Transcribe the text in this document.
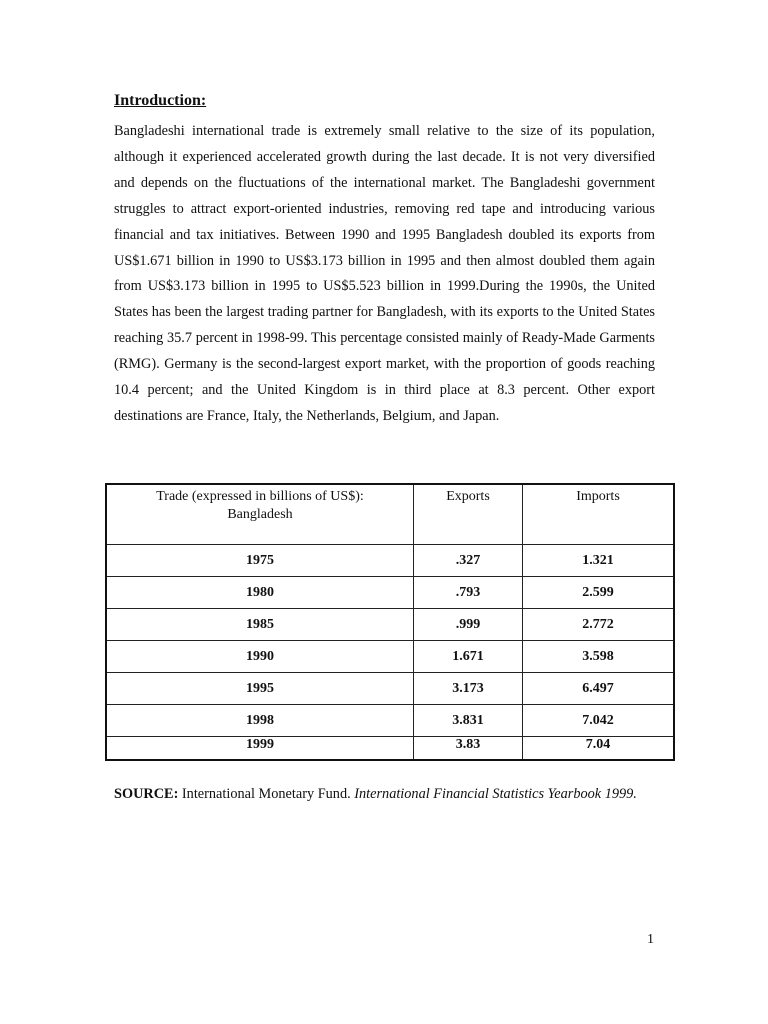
Introduction:
Bangladeshi international trade is extremely small relative to the size of its population, although it experienced accelerated growth during the last decade. It is not very diversified and depends on the fluctuations of the international market. The Bangladeshi government struggles to attract export-oriented industries, removing red tape and introducing various financial and tax initiatives. Between 1990 and 1995 Bangladesh doubled its exports from US$1.671 billion in 1990 to US$3.173 billion in 1995 and then almost doubled them again from US$3.173 billion in 1995 to US$5.523 billion in 1999.During the 1990s, the United States has been the largest trading partner for Bangladesh, with its exports to the United States reaching 35.7 percent in 1998-99. This percentage consisted mainly of Ready-Made Garments (RMG). Germany is the second-largest export market, with the proportion of goods reaching 10.4 percent; and the United Kingdom is in third place at 8.3 percent. Other export destinations are France, Italy, the Netherlands, Belgium, and Japan.
Trade (expressed in billions of US$):
Bangladesh	Exports	Imports
1975	.327	1.321
1980	.793	2.599
1985	.999	2.772
1990	1.671	3.598
1995	3.173	6.497
1998	3.831	7.042
1999	3.83	7.04
SOURCE: International Monetary Fund. International Financial Statistics Yearbook 1999.
1
